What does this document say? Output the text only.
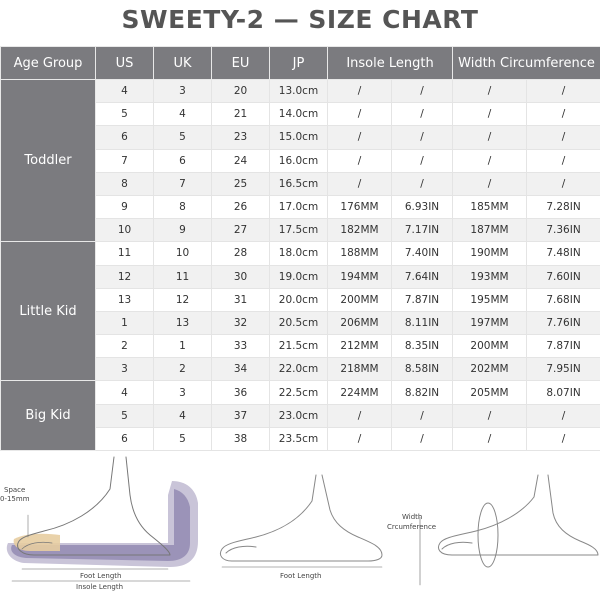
SWEETY-2 — SIZE CHART
Age Group	US	UK	EU	JP	Insole Length		Width Circumference	
Toddler	4	3	20	13.0cm	/	/	/	/
	5	4	21	14.0cm	/	/	/	/
	6	5	23	15.0cm	/	/	/	/
	7	6	24	16.0cm	/	/	/	/
	8	7	25	16.5cm	/	/	/	/
	9	8	26	17.0cm	176MM	6.93IN	185MM	7.28IN
	10	9	27	17.5cm	182MM	7.17IN	187MM	7.36IN
Little Kid	11	10	28	18.0cm	188MM	7.40IN	190MM	7.48IN
	12	11	30	19.0cm	194MM	7.64IN	193MM	7.60IN
	13	12	31	20.0cm	200MM	7.87IN	195MM	7.68IN
	1	13	32	20.5cm	206MM	8.11IN	197MM	7.76IN
	2	1	33	21.5cm	212MM	8.35IN	200MM	7.87IN
	3	2	34	22.0cm	218MM	8.58IN	202MM	7.95IN
Big Kid	4	3	36	22.5cm	224MM	8.82IN	205MM	8.07IN
	5	4	37	23.0cm	/	/	/	/
	6	5	38	23.5cm	/	/	/	/
Space
0-15mm
Foot Length
Insole Length
Foot Length
Width
Crcumference
